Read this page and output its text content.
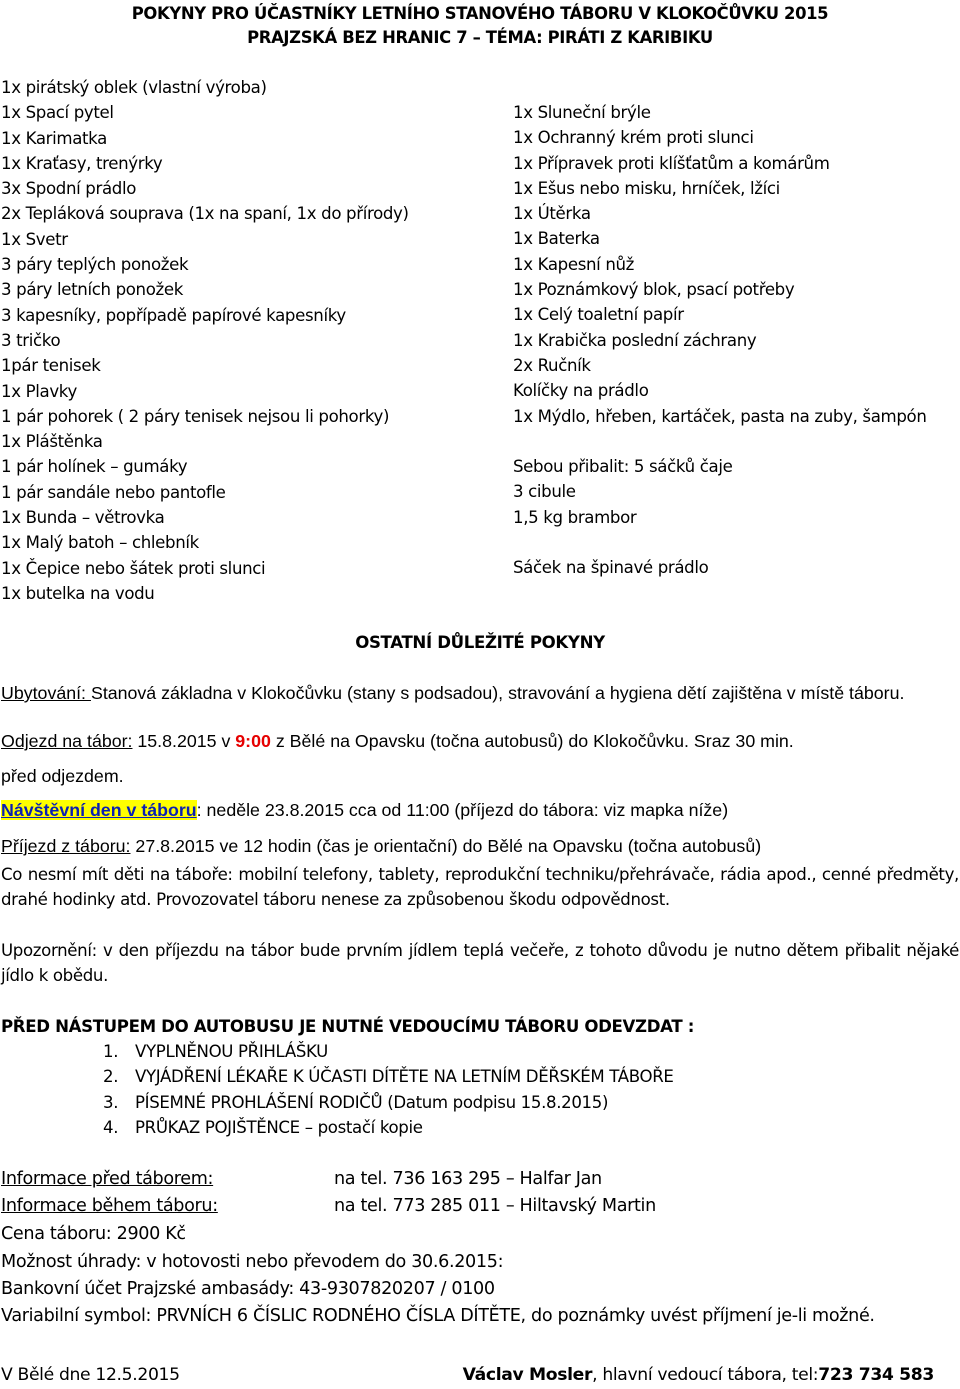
POKYNY PRO ÚČASTNÍKY LETNÍHO STANOVÉHO TÁBORU V KLOKOČŮVKU 2015
PRAJZSKÁ BEZ HRANIC 7 – TÉMA: PIRÁTI Z KARIBIKU
1x pirátský oblek (vlastní výroba)
1x Spací pytel
1x Karimatka
1x Kraťasy, trenýrky
3x Spodní prádlo
2x Tepláková souprava (1x na spaní, 1x do přírody)
1x Svetr
3 páry teplých ponožek
3 páry letních ponožek
3 kapesníky, popřípadě papírové kapesníky
3 tričko
1pár tenisek
1x Plavky
1 pár pohorek ( 2 páry tenisek nejsou li pohorky)
1x Pláštěnka
1 pár holínek – gumáky
1 pár sandále nebo pantofle
1x Bunda – větrovka
1x Malý batoh – chlebník
1x Čepice nebo šátek proti slunci
1x butelka na vodu
1x Sluneční brýle
1x Ochranný krém proti slunci
1x Přípravek proti klíšťatům a komárům
1x Ešus nebo misku, hrníček, lžíci
1x Útěrka
1x Baterka
1x Kapesní nůž
1x Poznámkový blok, psací potřeby
1x Celý toaletní papír
1x Krabička poslední záchrany
2x Ručník
Kolíčky na prádlo
1x Mýdlo, hřeben, kartáček, pasta na zuby, šampón
Sebou přibalit: 5 sáčků čaje
3 cibule
1,5 kg brambor
Sáček na špinavé prádlo
OSTATNÍ DŮLEŽITÉ POKYNY
Ubytování: Stanová základna v Klokočůvku (stany s podsadou), stravování a hygiena dětí zajištěna v místě táboru.
Odjezd na tábor: 15.8.2015 v 9:00 z Bělé na Opavsku (točna autobusů) do Klokočůvku. Sraz 30 min.
před odjezdem.
Návštěvní den v táboru: neděle 23.8.2015 cca od 11:00 (příjezd do tábora: viz mapka níže)
Příjezd z táboru: 27.8.2015 ve 12 hodin (čas je orientační) do Bělé na Opavsku (točna autobusů)
Co nesmí mít děti na táboře: mobilní telefony, tablety, reprodukční techniku/přehrávače, rádia apod., cenné předměty, drahé hodinky atd. Provozovatel táboru nenese za způsobenou škodu odpovědnost.
Upozornění: v den příjezdu na tábor bude prvním jídlem teplá večeře, z tohoto důvodu je nutno dětem přibalit nějaké jídlo k obědu.
PŘED NÁSTUPEM DO AUTOBUSU JE NUTNÉ VEDOUCÍMU TÁBORU ODEVZDAT :
1. VYPLNĚNOU PŘIHLÁŠKU
2. VYJÁDŘENÍ LÉKAŘE K ÚČASTI DÍTĚTE NA LETNÍM DĚŘSKÉM TÁBOŘE
3. PÍSEMNÉ PROHLÁŠENÍ RODIČŮ (Datum podpisu 15.8.2015)
4. PRŮKAZ POJIŠTĚNCE – postačí kopie
Informace před táborem:	na tel. 736 163 295 – Halfar Jan
Informace během táboru:	na tel. 773 285 011 – Hiltavský Martin
Cena táboru: 2900 Kč
Možnost úhrady: v hotovosti nebo převodem do 30.6.2015:
Bankovní účet Prajzské ambasády: 43-9307820207 / 0100
Variabilní symbol: PRVNÍCH 6 ČÍSLIC RODNÉHO ČÍSLA DÍTĚTE, do poznámky uvést příjmení je-li možné.
V Bělé dne 12.5.2015	Václav Mosler, hlavní vedoucí tábora, tel:723 734 583
